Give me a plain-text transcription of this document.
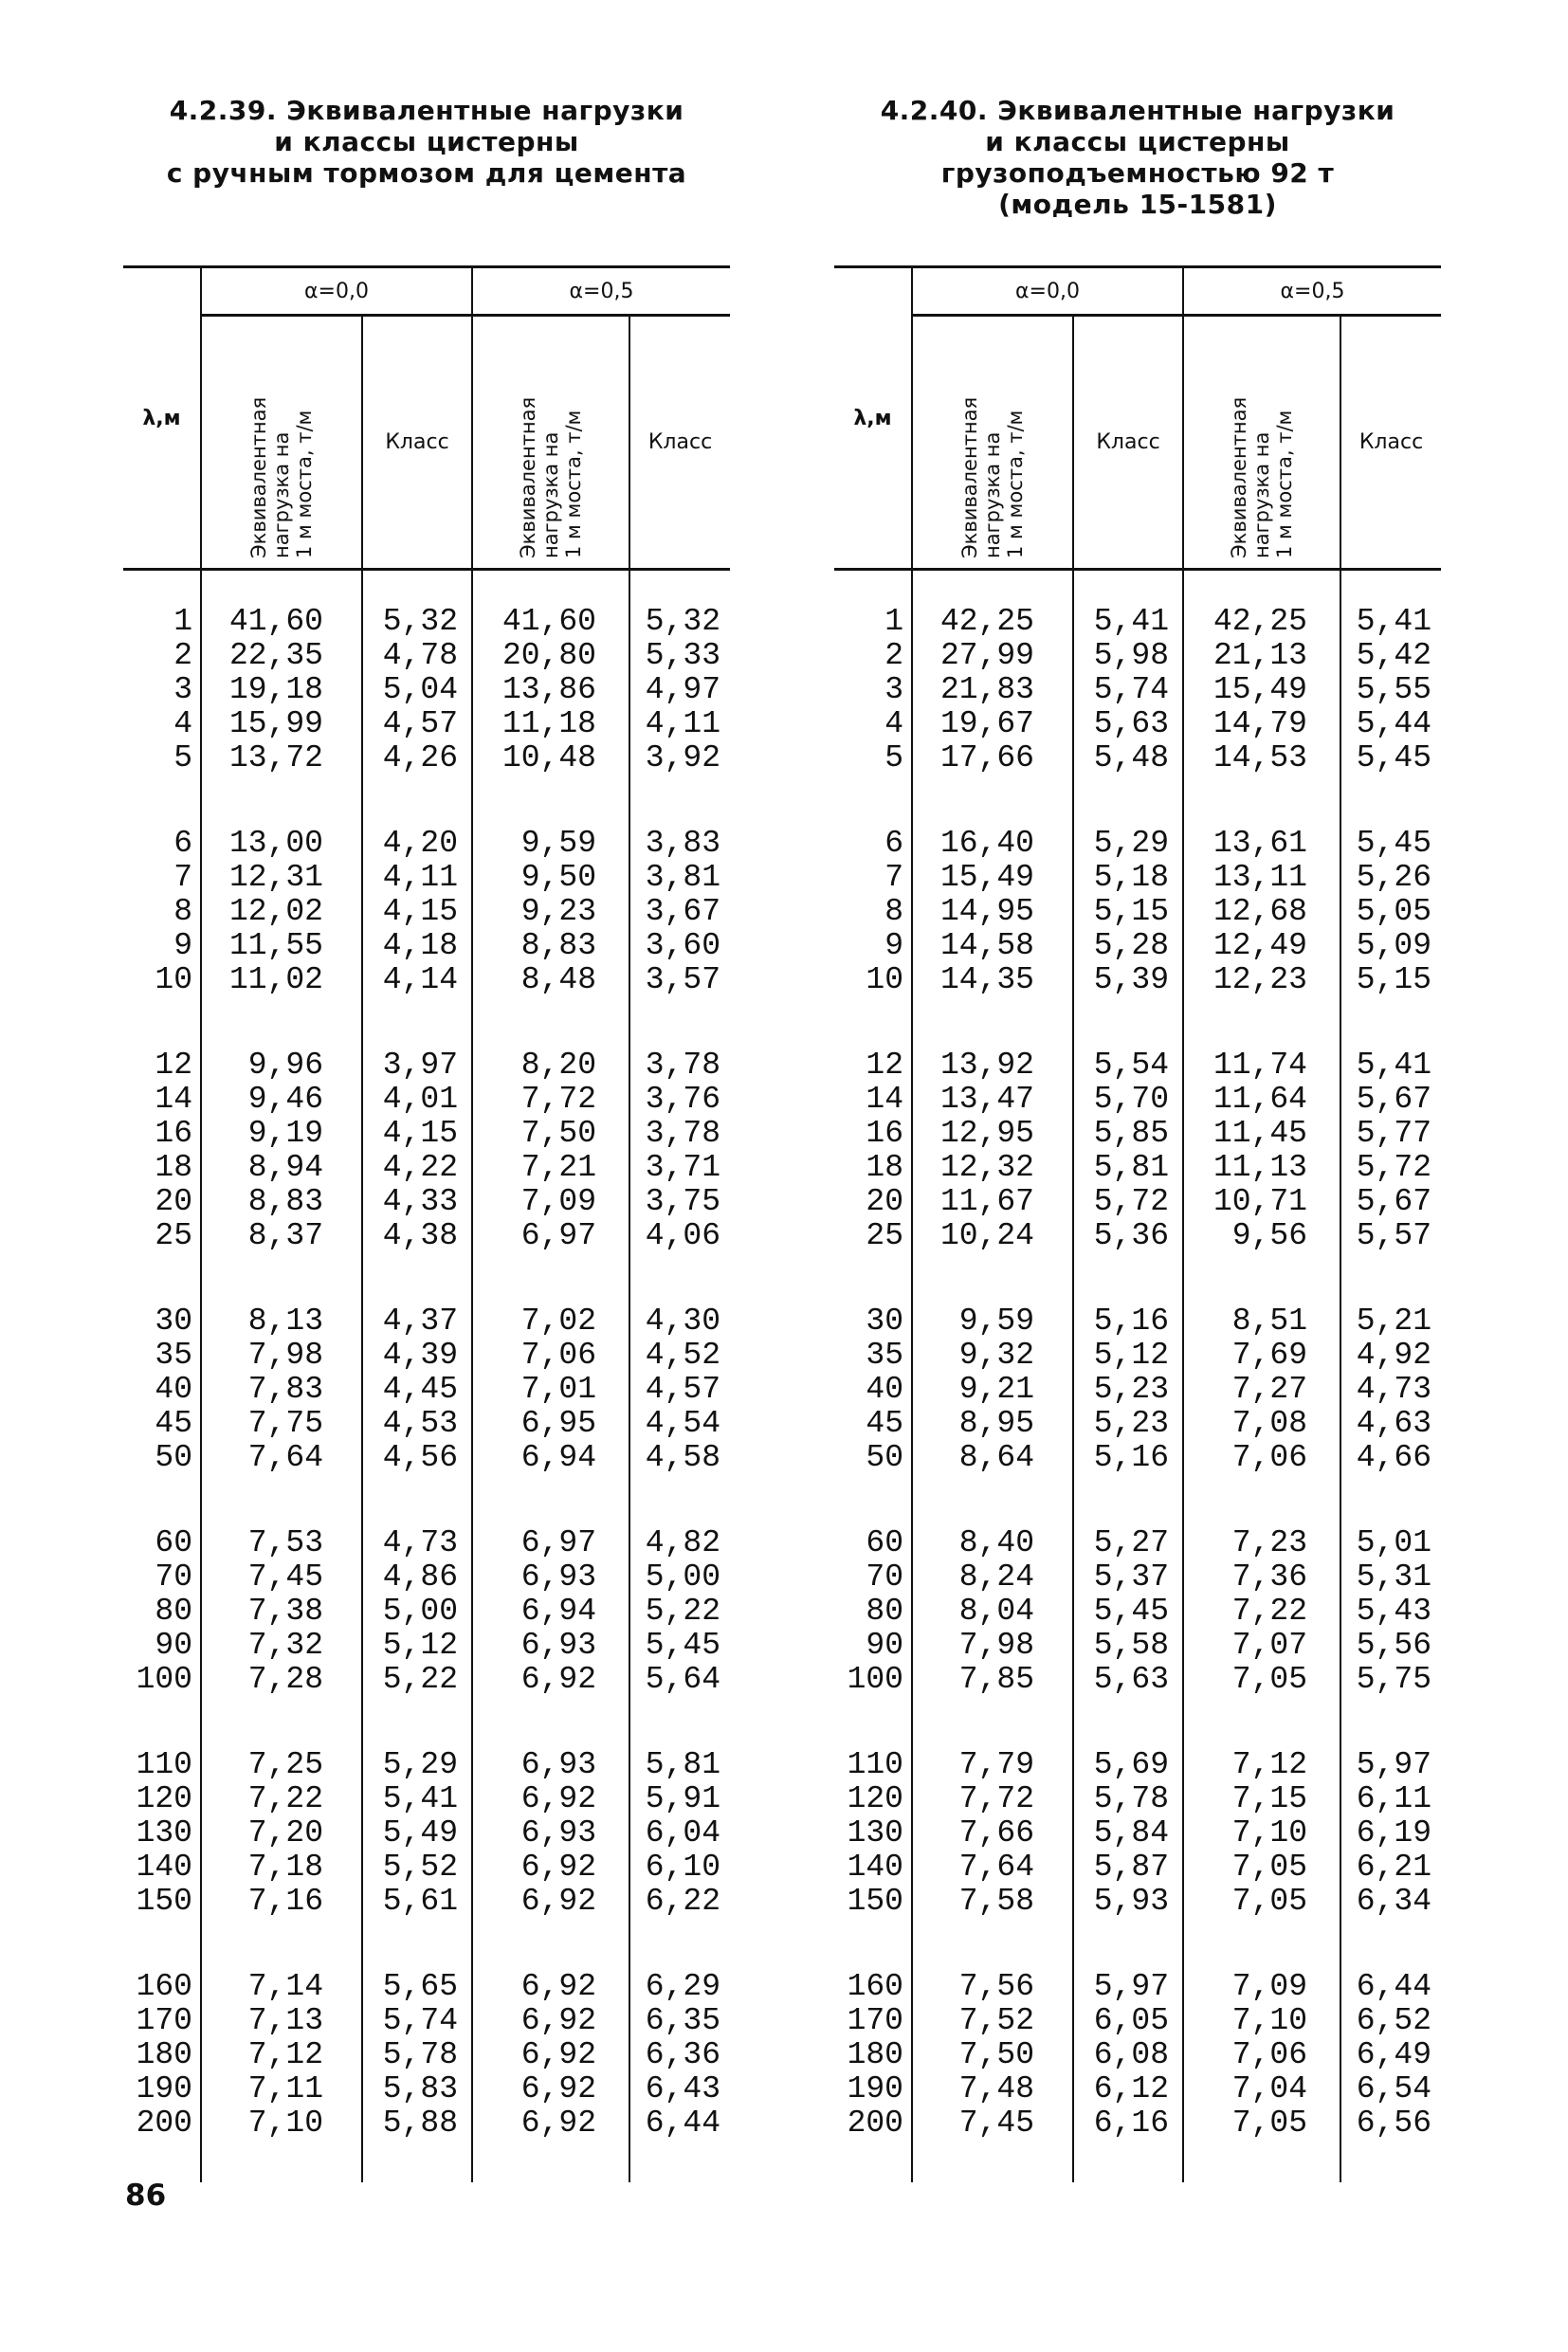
4.2.39. Эквивалентные нагрузки
и классы цистерны
с ручным тормозом для цемента
λ,м	α=0,0		α=0,5	
	Эквивалентная
нагрузка на
1 м моста, т/м	Класс	Эквивалентная
нагрузка на
1 м моста, т/м	Класс
1	41,60	5,32	41,60	5,32
2	22,35	4,78	20,80	5,33
3	19,18	5,04	13,86	4,97
4	15,99	4,57	11,18	4,11
5	13,72	4,26	10,48	3,92
6	13,00	4,20	9,59	3,83
7	12,31	4,11	9,50	3,81
8	12,02	4,15	9,23	3,67
9	11,55	4,18	8,83	3,60
10	11,02	4,14	8,48	3,57
12	9,96	3,97	8,20	3,78
14	9,46	4,01	7,72	3,76
16	9,19	4,15	7,50	3,78
18	8,94	4,22	7,21	3,71
20	8,83	4,33	7,09	3,75
25	8,37	4,38	6,97	4,06
30	8,13	4,37	7,02	4,30
35	7,98	4,39	7,06	4,52
40	7,83	4,45	7,01	4,57
45	7,75	4,53	6,95	4,54
50	7,64	4,56	6,94	4,58
60	7,53	4,73	6,97	4,82
70	7,45	4,86	6,93	5,00
80	7,38	5,00	6,94	5,22
90	7,32	5,12	6,93	5,45
100	7,28	5,22	6,92	5,64
110	7,25	5,29	6,93	5,81
120	7,22	5,41	6,92	5,91
130	7,20	5,49	6,93	6,04
140	7,18	5,52	6,92	6,10
150	7,16	5,61	6,92	6,22
160	7,14	5,65	6,92	6,29
170	7,13	5,74	6,92	6,35
180	7,12	5,78	6,92	6,36
190	7,11	5,83	6,92	6,43
200	7,10	5,88	6,92	6,44
4.2.40. Эквивалентные нагрузки
и классы цистерны
грузоподъемностью 92 т
(модель 15-1581)
λ,м	α=0,0		α=0,5	
	Эквивалентная
нагрузка на
1 м моста, т/м	Класс	Эквивалентная
нагрузка на
1 м моста, т/м	Класс
1	42,25	5,41	42,25	5,41
2	27,99	5,98	21,13	5,42
3	21,83	5,74	15,49	5,55
4	19,67	5,63	14,79	5,44
5	17,66	5,48	14,53	5,45
6	16,40	5,29	13,61	5,45
7	15,49	5,18	13,11	5,26
8	14,95	5,15	12,68	5,05
9	14,58	5,28	12,49	5,09
10	14,35	5,39	12,23	5,15
12	13,92	5,54	11,74	5,41
14	13,47	5,70	11,64	5,67
16	12,95	5,85	11,45	5,77
18	12,32	5,81	11,13	5,72
20	11,67	5,72	10,71	5,67
25	10,24	5,36	9,56	5,57
30	9,59	5,16	8,51	5,21
35	9,32	5,12	7,69	4,92
40	9,21	5,23	7,27	4,73
45	8,95	5,23	7,08	4,63
50	8,64	5,16	7,06	4,66
60	8,40	5,27	7,23	5,01
70	8,24	5,37	7,36	5,31
80	8,04	5,45	7,22	5,43
90	7,98	5,58	7,07	5,56
100	7,85	5,63	7,05	5,75
110	7,79	5,69	7,12	5,97
120	7,72	5,78	7,15	6,11
130	7,66	5,84	7,10	6,19
140	7,64	5,87	7,05	6,21
150	7,58	5,93	7,05	6,34
160	7,56	5,97	7,09	6,44
170	7,52	6,05	7,10	6,52
180	7,50	6,08	7,06	6,49
190	7,48	6,12	7,04	6,54
200	7,45	6,16	7,05	6,56
86
